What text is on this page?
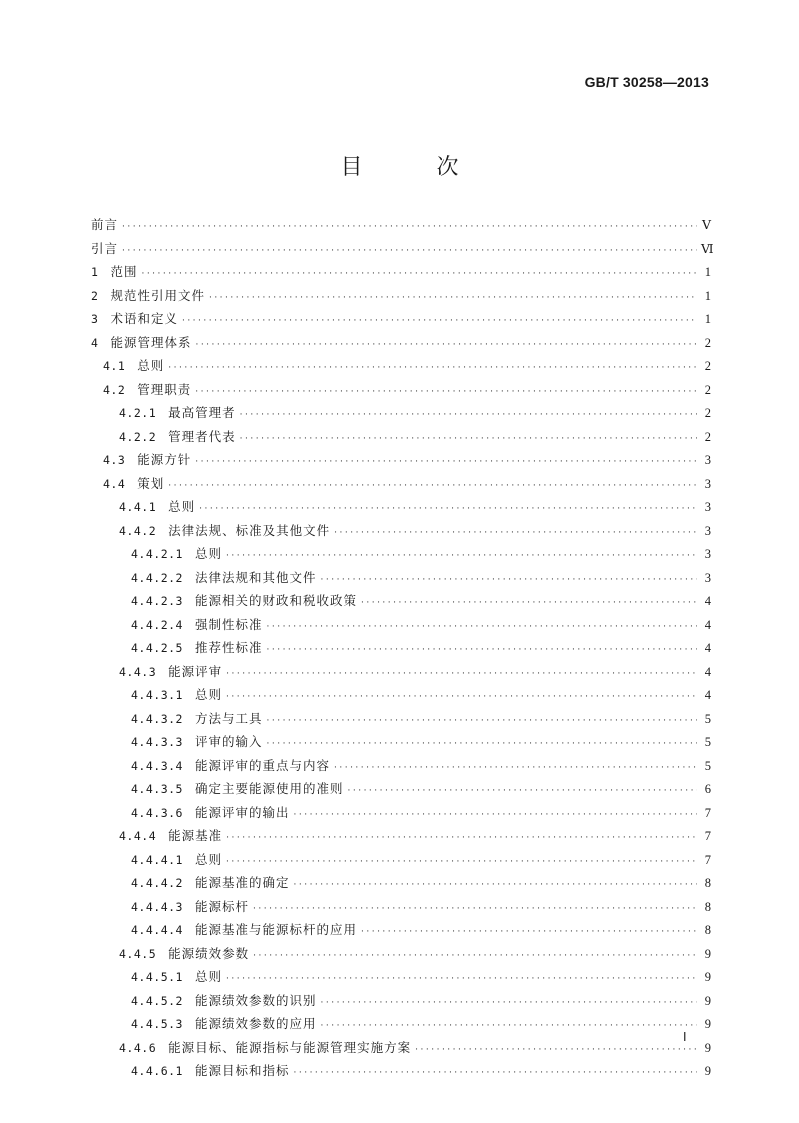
GB/T 30258—2013
目　次
前言 ·····	Ⅴ
引言 ·····	Ⅵ
1 范围 ·····	1
2 规范性引用文件 ·····	1
3 术语和定义 ·····	1
4 能源管理体系 ·····	2
4.1 总则 ·····	2
4.2 管理职责 ·····	2
4.2.1 最高管理者 ·····	2
4.2.2 管理者代表 ·····	2
4.3 能源方针 ·····	3
4.4 策划 ·····	3
4.4.1 总则 ·····	3
4.4.2 法律法规、标准及其他文件 ·····	3
4.4.2.1 总则 ·····	3
4.4.2.2 法律法规和其他文件 ·····	3
4.4.2.3 能源相关的财政和税收政策 ·····	4
4.4.2.4 强制性标准 ·····	4
4.4.2.5 推荐性标准 ·····	4
4.4.3 能源评审 ·····	4
4.4.3.1 总则 ·····	4
4.4.3.2 方法与工具 ·····	5
4.4.3.3 评审的输入 ·····	5
4.4.3.4 能源评审的重点与内容 ·····	5
4.4.3.5 确定主要能源使用的准则 ·····	6
4.4.3.6 能源评审的输出 ·····	7
4.4.4 能源基准 ·····	7
4.4.4.1 总则 ·····	7
4.4.4.2 能源基准的确定 ·····	8
4.4.4.3 能源标杆 ·····	8
4.4.4.4 能源基准与能源标杆的应用 ·····	8
4.4.5 能源绩效参数 ·····	9
4.4.5.1 总则 ·····	9
4.4.5.2 能源绩效参数的识别 ·····	9
4.4.5.3 能源绩效参数的应用 ·····	9
4.4.6 能源目标、能源指标与能源管理实施方案 ·····	9
4.4.6.1 能源目标和指标 ·····	9
Ⅰ
